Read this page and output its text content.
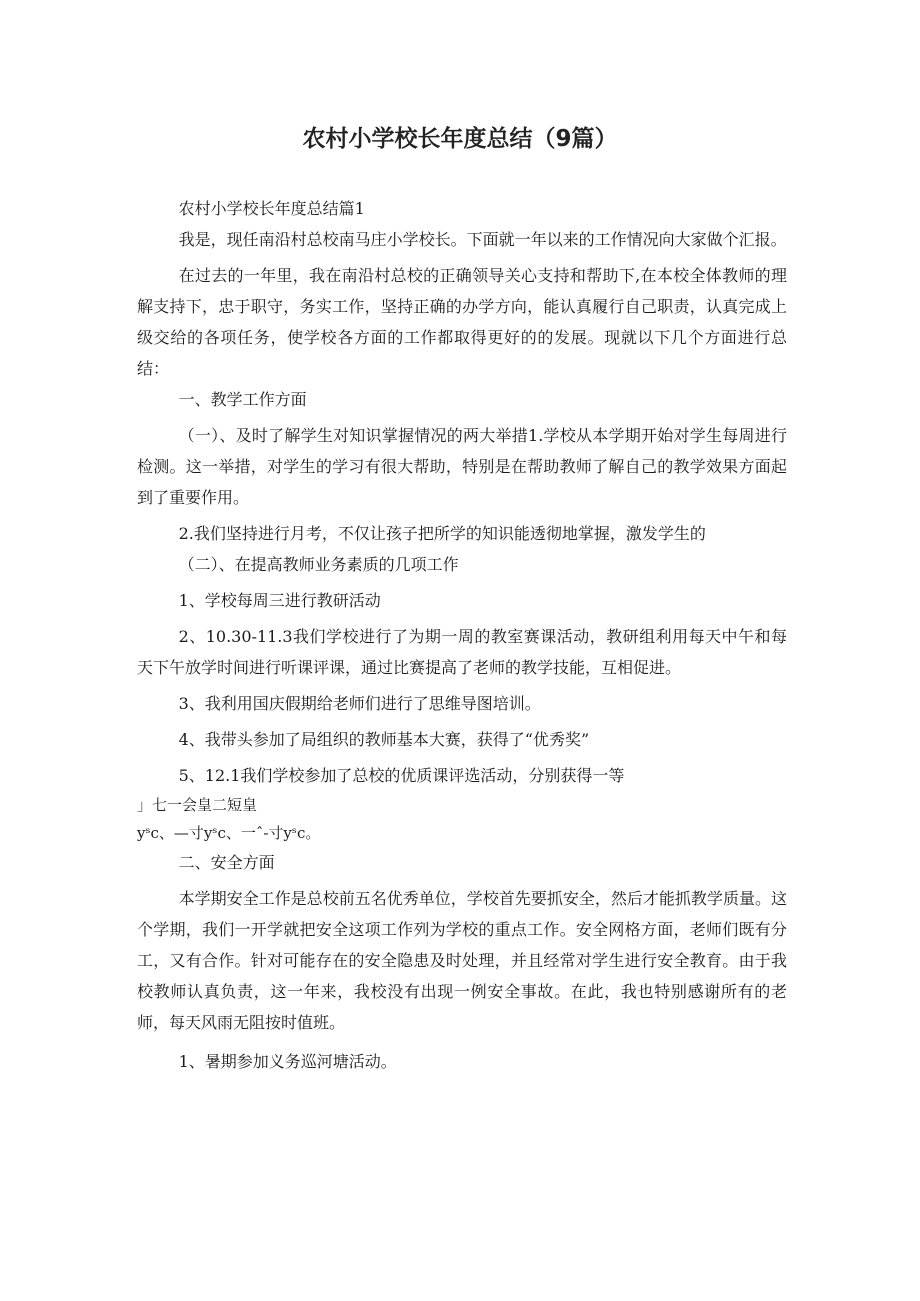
农村小学校长年度总结（9篇）

农村小学校长年度总结篇1

我是，现任南沿村总校南马庄小学校长。下面就一年以来的工作情况向大家做个汇报。

在过去的一年里，我在南沿村总校的正确领导关心支持和帮助下,在本校全体教师的理解支持下，忠于职守，务实工作，坚持正确的办学方向，能认真履行自己职责，认真完成上级交给的各项任务，使学校各方面的工作都取得更好的的发展。现就以下几个方面进行总结：

一、教学工作方面

（一）、及时了解学生对知识掌握情况的两大举措1.学校从本学期开始对学生每周进行检测。这一举措，对学生的学习有很大帮助，特别是在帮助教师了解自己的教学效果方面起到了重要作用。

2.我们坚持进行月考，不仅让孩子把所学的知识能透彻地掌握，激发学生的

（二）、在提高教师业务素质的几项工作

1、学校每周三进行教研活动

2、10.30-11.3我们学校进行了为期一周的教室赛课活动，教研组利用每天中午和每天下午放学时间进行听课评课，通过比赛提高了老师的教学技能，互相促进。

3、我利用国庆假期给老师们进行了思维导图培训。

4、我带头参加了局组织的教师基本大赛，获得了“优秀奖”

5、12.1我们学校参加了总校的优质课评选活动，分别获得一等

」七一会皇二短皇

yˢc、—寸yˢc、一ˆ-寸yˢc。

二、安全方面

本学期安全工作是总校前五名优秀单位，学校首先要抓安全，然后才能抓教学质量。这个学期，我们一开学就把安全这项工作列为学校的重点工作。安全网格方面，老师们既有分工，又有合作。针对可能存在的安全隐患及时处理，并且经常对学生进行安全教育。由于我校教师认真负责，这一年来，我校没有出现一例安全事故。在此，我也特别感谢所有的老师，每天风雨无阻按时值班。

1、暑期参加义务巡河塘活动。
